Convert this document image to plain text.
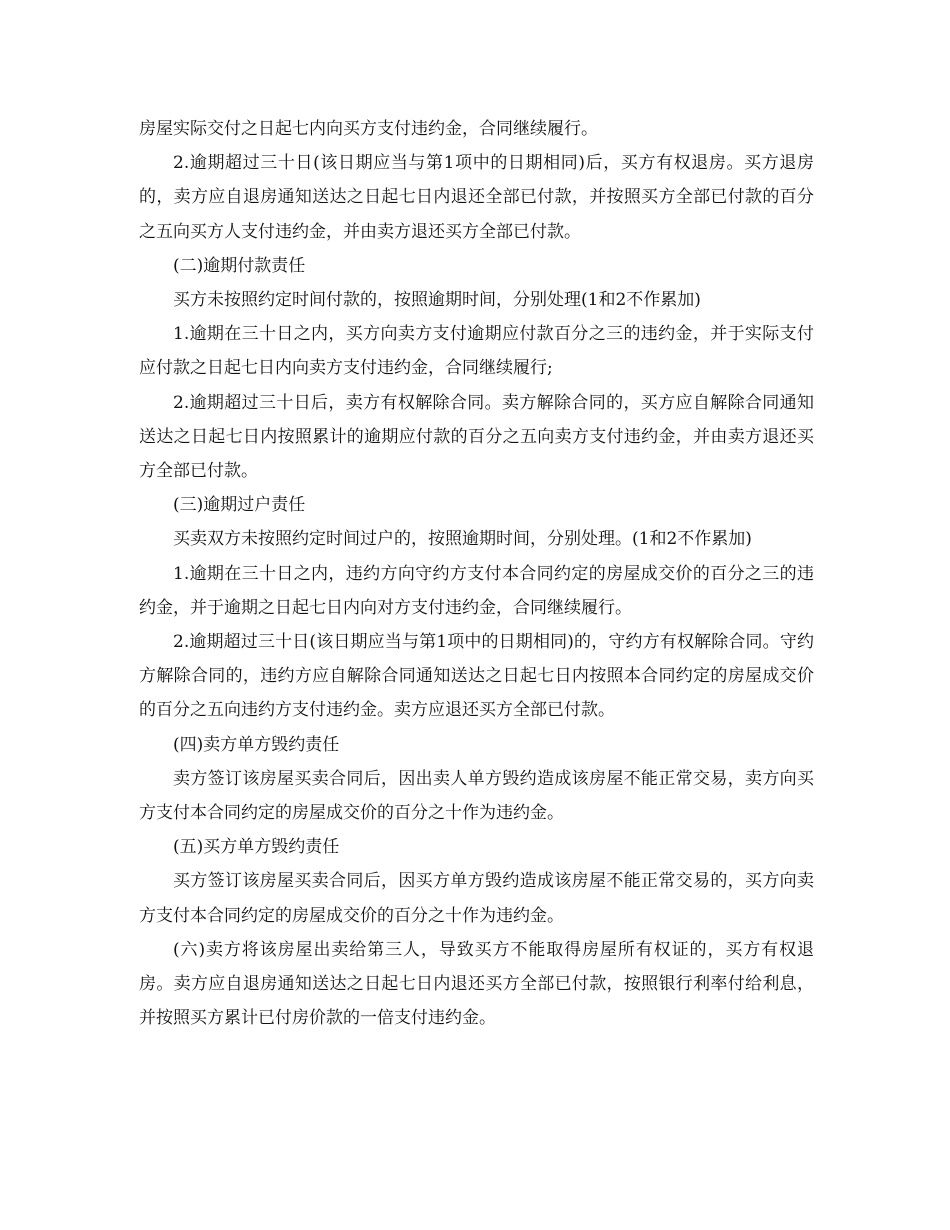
房屋实际交付之日起七内向买方支付违约金，合同继续履行。

2.逾期超过三十日(该日期应当与第1项中的日期相同)后，买方有权退房。买方退房的，卖方应自退房通知送达之日起七日内退还全部已付款，并按照买方全部已付款的百分之五向买方人支付违约金，并由卖方退还买方全部已付款。

(二)逾期付款责任

买方未按照约定时间付款的，按照逾期时间，分别处理(1和2不作累加)

1.逾期在三十日之内，买方向卖方支付逾期应付款百分之三的违约金，并于实际支付应付款之日起七日内向卖方支付违约金，合同继续履行;

2.逾期超过三十日后，卖方有权解除合同。卖方解除合同的，买方应自解除合同通知送达之日起七日内按照累计的逾期应付款的百分之五向卖方支付违约金，并由卖方退还买方全部已付款。

(三)逾期过户责任

买卖双方未按照约定时间过户的，按照逾期时间，分别处理。(1和2不作累加)

1.逾期在三十日之内，违约方向守约方支付本合同约定的房屋成交价的百分之三的违约金，并于逾期之日起七日内向对方支付违约金，合同继续履行。

2.逾期超过三十日(该日期应当与第1项中的日期相同)的，守约方有权解除合同。守约方解除合同的，违约方应自解除合同通知送达之日起七日内按照本合同约定的房屋成交价的百分之五向违约方支付违约金。卖方应退还买方全部已付款。

(四)卖方单方毁约责任

卖方签订该房屋买卖合同后，因出卖人单方毁约造成该房屋不能正常交易，卖方向买方支付本合同约定的房屋成交价的百分之十作为违约金。

(五)买方单方毁约责任

买方签订该房屋买卖合同后，因买方单方毁约造成该房屋不能正常交易的，买方向卖方支付本合同约定的房屋成交价的百分之十作为违约金。

(六)卖方将该房屋出卖给第三人，导致买方不能取得房屋所有权证的，买方有权退房。卖方应自退房通知送达之日起七日内退还买方全部已付款，按照银行利率付给利息，并按照买方累计已付房价款的一倍支付违约金。
